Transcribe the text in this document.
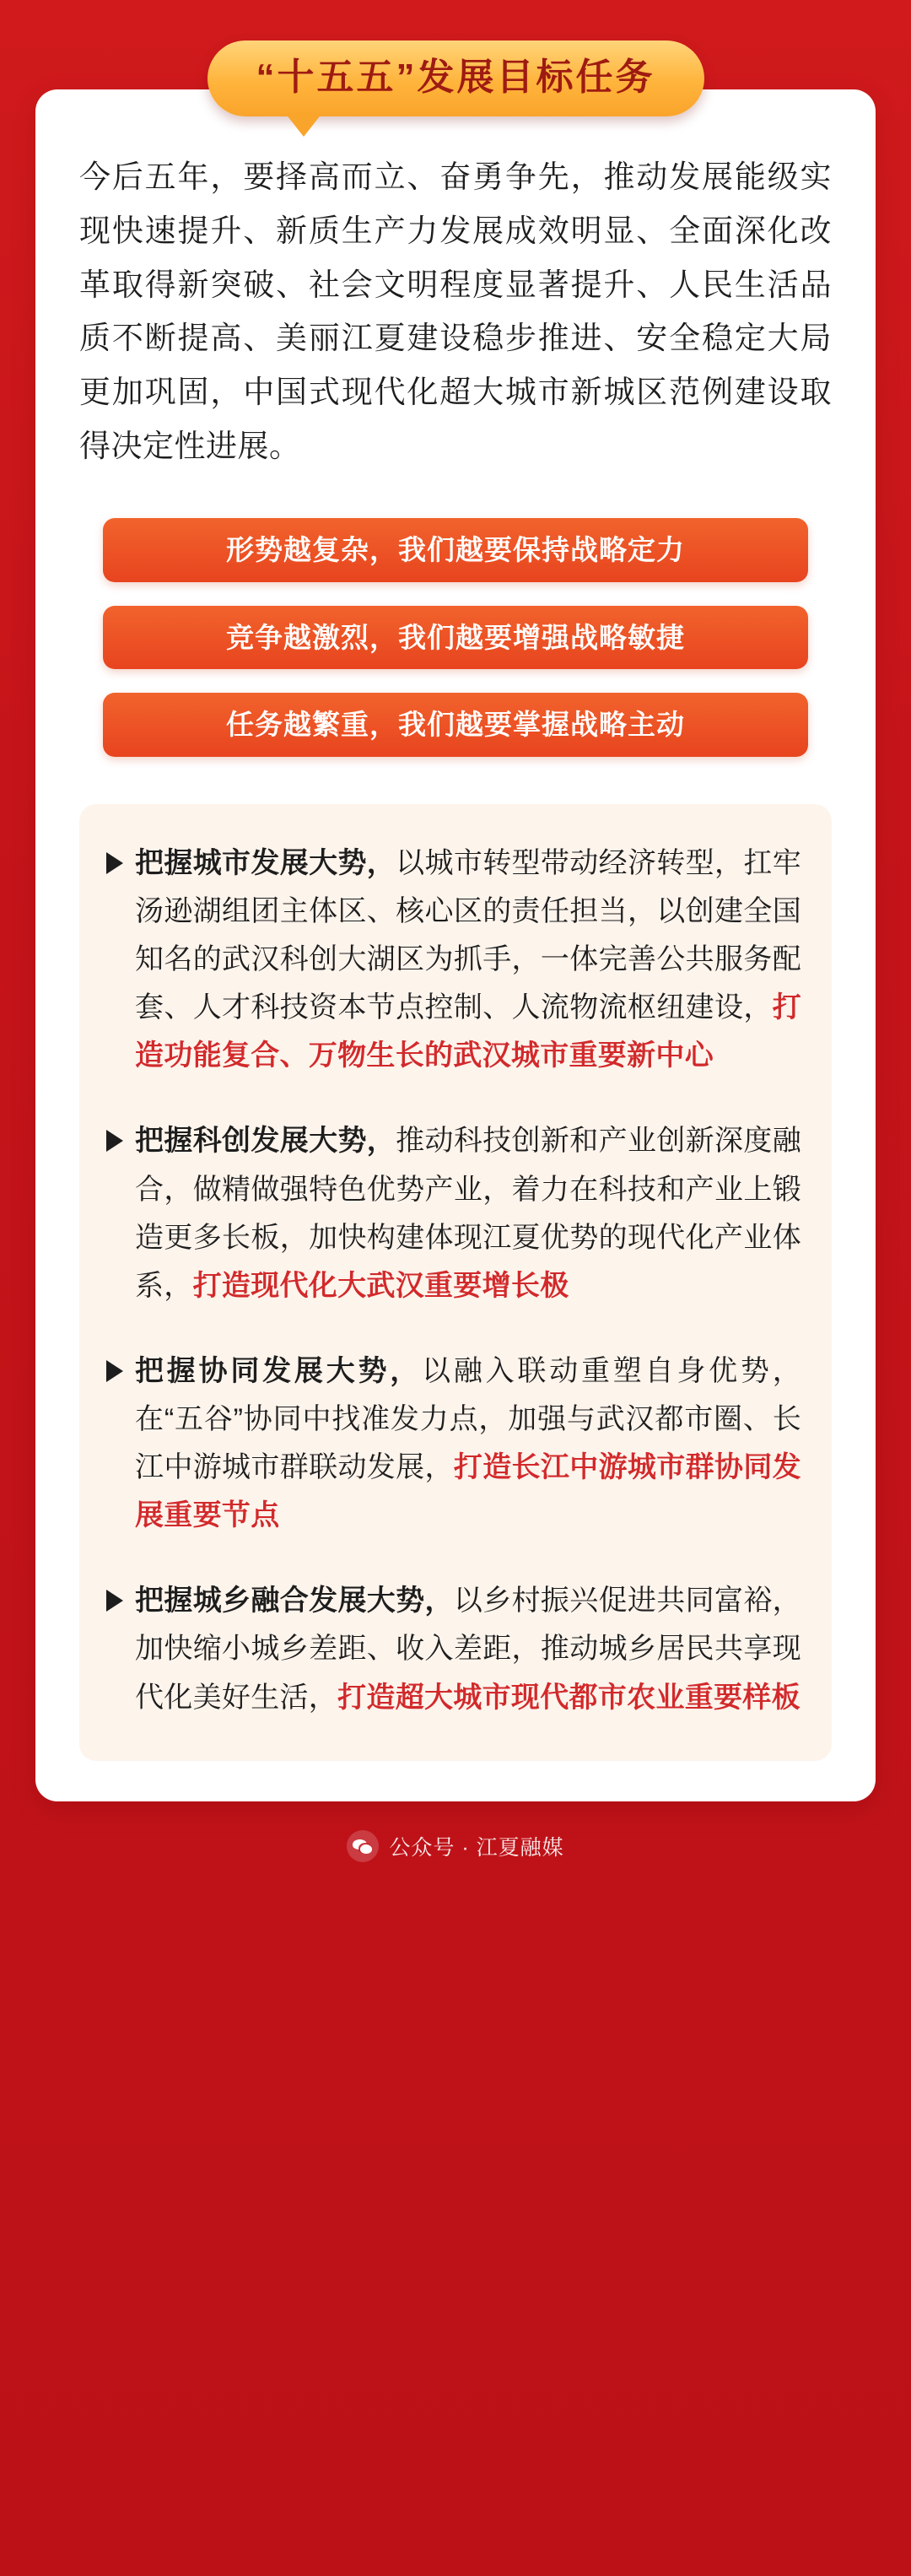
“十五五”发展目标任务

今后五年，要择高而立、奋勇争先，推动发展能级实现快速提升、新质生产力发展成效明显、全面深化改革取得新突破、社会文明程度显著提升、人民生活品质不断提高、美丽江夏建设稳步推进、安全稳定大局更加巩固，中国式现代化超大城市新城区范例建设取得决定性进展。

形势越复杂，我们越要保持战略定力
竞争越激烈，我们越要增强战略敏捷
任务越繁重，我们越要掌握战略主动
把握城市发展大势，以城市转型带动经济转型，扛牢汤逊湖组团主体区、核心区的责任担当，以创建全国知名的武汉科创大湖区为抓手，一体完善公共服务配套、人才科技资本节点控制、人流物流枢纽建设，打造功能复合、万物生长的武汉城市重要新中心
把握科创发展大势，推动科技创新和产业创新深度融合，做精做强特色优势产业，着力在科技和产业上锻造更多长板，加快构建体现江夏优势的现代化产业体系，打造现代化大武汉重要增长极
把握协同发展大势，以融入联动重塑自身优势，在“五谷”协同中找准发力点，加强与武汉都市圈、长江中游城市群联动发展，打造长江中游城市群协同发展重要节点
把握城乡融合发展大势，以乡村振兴促进共同富裕，加快缩小城乡差距、收入差距，推动城乡居民共享现代化美好生活，打造超大城市现代都市农业重要样板
公众号 · 江夏融媒
